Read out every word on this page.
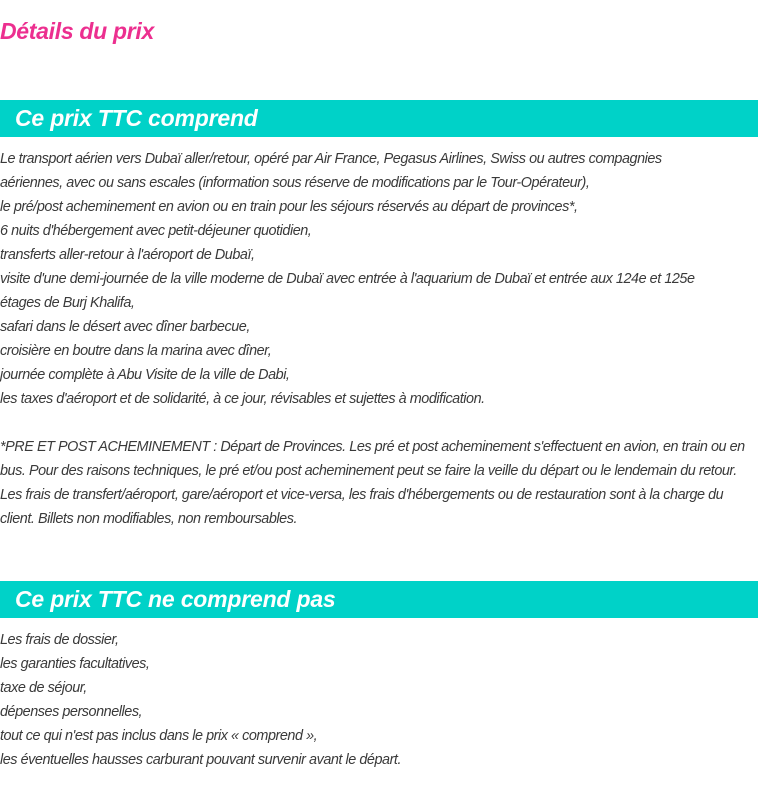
Détails du prix
Ce prix TTC comprend
Le transport aérien vers Dubaï aller/retour, opéré par Air France, Pegasus Airlines, Swiss ou autres compagnies
aériennes, avec ou sans escales (information sous réserve de modifications par le Tour-Opérateur),
le pré/post acheminement en avion ou en train pour les séjours réservés au départ de provinces*,
6 nuits d'hébergement avec petit-déjeuner quotidien,
transferts aller-retour à l'aéroport de Dubaï,
visite d'une demi-journée de la ville moderne de Dubaï avec entrée à l'aquarium de Dubaï et entrée aux 124e et 125e
étages de Burj Khalifa,
safari dans le désert avec dîner barbecue,
croisière en boutre dans la marina avec dîner,
journée complète à Abu Visite de la ville de Dabi,
les taxes d'aéroport et de solidarité, à ce jour, révisables et sujettes à modification.
*PRE ET POST ACHEMINEMENT : Départ de Provinces. Les pré et post acheminement s'effectuent en avion, en train ou en bus. Pour des raisons techniques, le pré et/ou post acheminement peut se faire la veille du départ ou le lendemain du retour. Les frais de transfert/aéroport, gare/aéroport et vice-versa, les frais d'hébergements ou de restauration sont à la charge du client. Billets non modifiables, non remboursables.
Ce prix TTC ne comprend pas
Les frais de dossier,
les garanties facultatives,
taxe de séjour,
dépenses personnelles,
tout ce qui n'est pas inclus dans le prix « comprend »,
les éventuelles hausses carburant pouvant survenir avant le départ.
